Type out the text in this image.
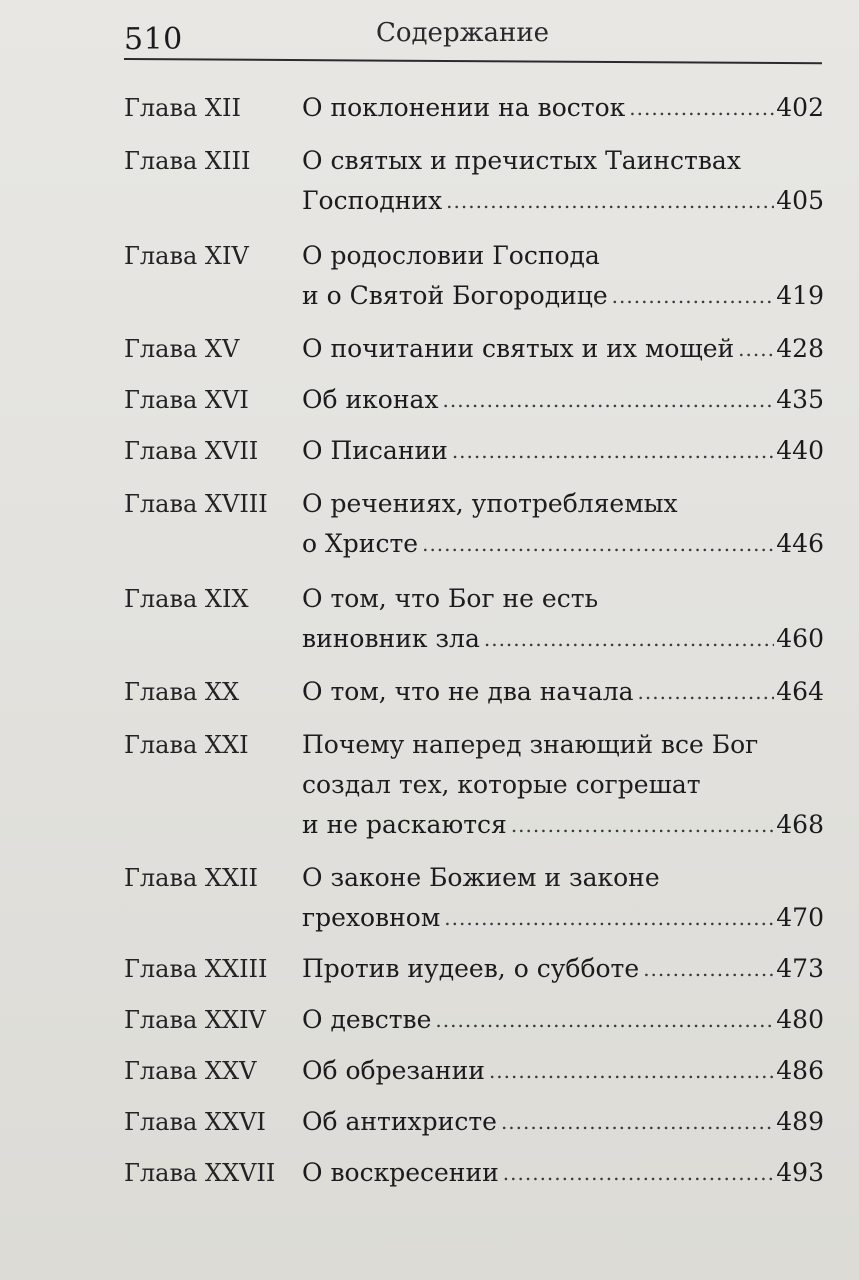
510	Содержание
Глава XII	О поклонении на восток .....	402
Глава XIII	О святых и пречистых Таинствах
Господних .....	405
Глава XIV	О родословии Господа
и о Святой Богородице .....	419
Глава XV	О почитании святых и их мощей ..... 428
Глава XVI	Об иконах .....	435
Глава XVII	О Писании .....	440
Глава XVIII	О речениях, употребляемых
о Христе .....	446
Глава XIX	О том, что Бог не есть
виновник зла .....	460
Глава XX	О том, что не два начала .....	464
Глава XXI	Почему наперед знающий все Бог
создал тех, которые согрешат
и не раскаются .....	468
Глава XXII	О законе Божием и законе
греховном .....	470
Глава XXIII	Против иудеев, о субботе .....	473
Глава XXIV	О девстве .....	480
Глава XXV	Об обрезании .....	486
Глава XXVI	Об антихристе .....	489
Глава XXVII	О воскресении .....	493
